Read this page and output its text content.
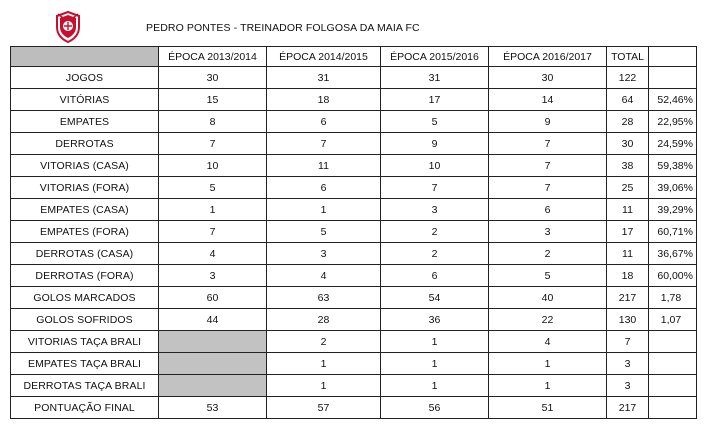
PEDRO PONTES - TREINADOR FOLGOSA DA MAIA FC
	ÉPOCA 2013/2014	ÉPOCA 2014/2015	ÉPOCA 2015/2016	ÉPOCA 2016/2017	TOTAL	
JOGOS	30	31	31	30	122	
VITÓRIAS	15	18	17	14	64	52,46%
EMPATES	8	6	5	9	28	22,95%
DERROTAS	7	7	9	7	30	24,59%
VITORIAS (CASA)	10	11	10	7	38	59,38%
VITORIAS (FORA)	5	6	7	7	25	39,06%
EMPATES (CASA)	1	1	3	6	11	39,29%
EMPATES (FORA)	7	5	2	3	17	60,71%
DERROTAS (CASA)	4	3	2	2	11	36,67%
DERROTAS (FORA)	3	4	6	5	18	60,00%
GOLOS MARCADOS	60	63	54	40	217	1,78
GOLOS SOFRIDOS	44	28	36	22	130	1,07
VITORIAS TAÇA BRALI		2	1	4	7	
EMPATES TAÇA BRALI		1	1	1	3	
DERROTAS TAÇA BRALI		1	1	1	3	
PONTUAÇÃO FINAL	53	57	56	51	217	
